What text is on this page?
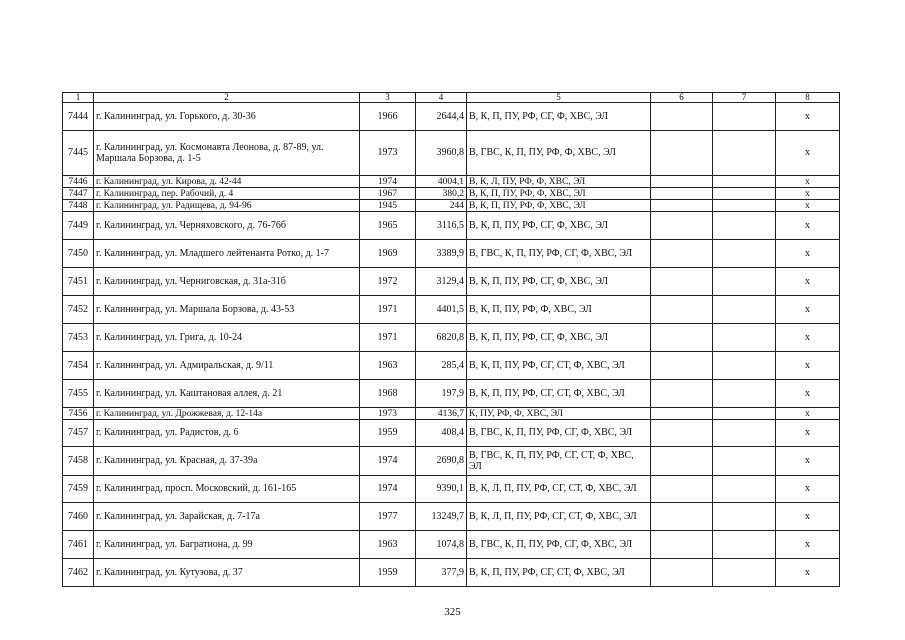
1	2	3	4	5	6	7	8
7444	г. Калининград, ул. Горького, д. 30-36	1966	2644,4	В, К, П, ПУ, РФ, СГ, Ф, ХВС, ЭЛ			x
7445	г. Калининград, ул. Космонавта Леонова, д. 87-89, ул. Маршала Борзова, д. 1-5	1973	3960,8	В, ГВС, К, П, ПУ, РФ, Ф, ХВС, ЭЛ			x
7446	г. Калининград, ул. Кирова, д. 42-44	1974	4004,1	В, К, Л, ПУ, РФ, Ф, ХВС, ЭЛ			x
7447	г. Калининград, пер. Рабочий, д. 4	1967	380,2	В, К, П, ПУ, РФ, Ф, ХВС, ЭЛ			x
7448	г. Калининград, ул. Радищева, д. 94-96	1945	244	В, К, П, ПУ, РФ, Ф, ХВС, ЭЛ			x
7449	г. Калининград, ул. Черняховского, д. 76-76б	1965	3116,5	В, К, П, ПУ, РФ, СГ, Ф, ХВС, ЭЛ			x
7450	г. Калининград, ул. Младшего лейтенанта Ротко, д. 1-7	1969	3389,9	В, ГВС, К, П, ПУ, РФ, СГ, Ф, ХВС, ЭЛ			x
7451	г. Калининград, ул. Черниговская, д. 31а-31б	1972	3129,4	В, К, П, ПУ, РФ, СГ, Ф, ХВС, ЭЛ			x
7452	г. Калининград, ул. Маршала Борзова, д. 43-53	1971	4401,5	В, К, П, ПУ, РФ, Ф, ХВС, ЭЛ			x
7453	г. Калининград, ул. Грига, д. 10-24	1971	6820,8	В, К, П, ПУ, РФ, СГ, Ф, ХВС, ЭЛ			x
7454	г. Калининград, ул. Адмиральская, д. 9/11	1963	285,4	В, К, П, ПУ, РФ, СГ, СТ, Ф, ХВС, ЭЛ			x
7455	г. Калининград, ул. Каштановая аллея, д. 21	1968	197,9	В, К, П, ПУ, РФ, СГ, СТ, Ф, ХВС, ЭЛ			x
7456	г. Калининград, ул. Дрожжевая, д. 12-14а	1973	4136,7	К, ПУ, РФ, Ф, ХВС, ЭЛ			x
7457	г. Калининград, ул. Радистов, д. 6	1959	408,4	В, ГВС, К, П, ПУ, РФ, СГ, Ф, ХВС, ЭЛ			x
7458	г. Калининград, ул. Красная, д. 37-39а	1974	2690,8	В, ГВС, К, П, ПУ, РФ, СГ, СТ, Ф, ХВС, ЭЛ			x
7459	г. Калининград, просп. Московский, д. 161-165	1974	9390,1	В, К, Л, П, ПУ, РФ, СГ, СТ, Ф, ХВС, ЭЛ			x
7460	г. Калининград, ул. Зарайская, д. 7-17а	1977	13249,7	В, К, Л, П, ПУ, РФ, СГ, СТ, Ф, ХВС, ЭЛ			x
7461	г. Калининград, ул. Багратиона, д. 99	1963	1074,8	В, ГВС, К, П, ПУ, РФ, СГ, Ф, ХВС, ЭЛ			x
7462	г. Калининград, ул. Кутузова, д. 37	1959	377,9	В, К, П, ПУ, РФ, СГ, СТ, Ф, ХВС, ЭЛ			x
325
